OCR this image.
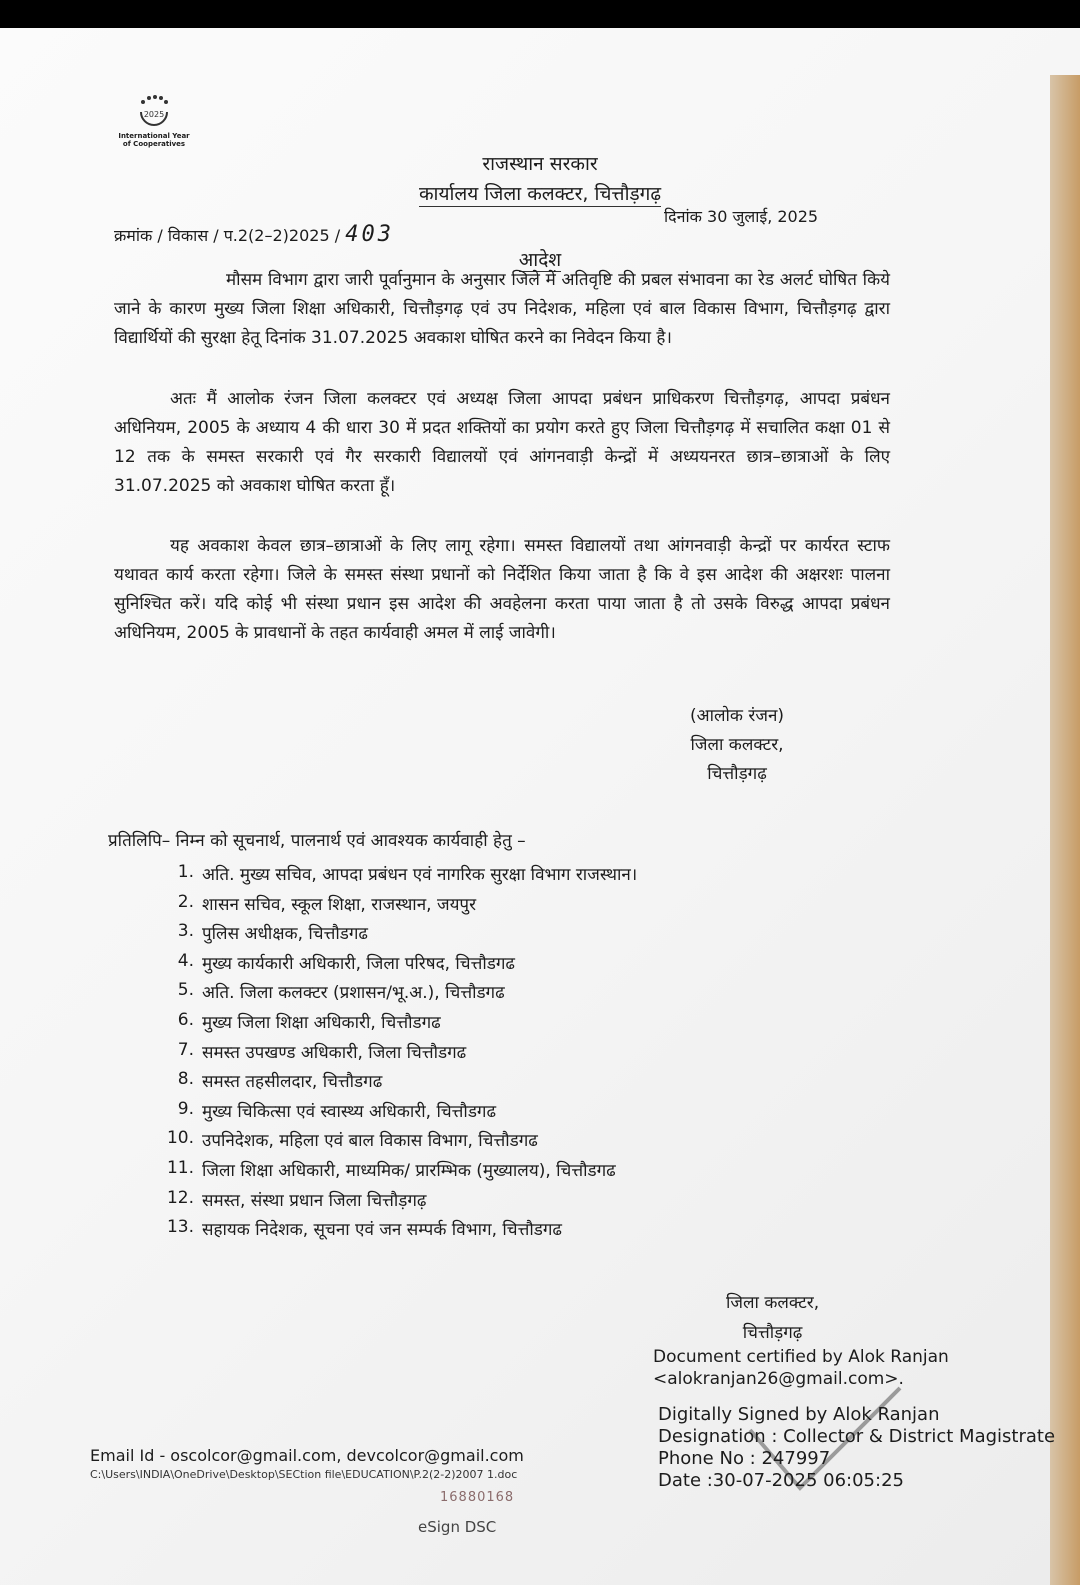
2025
International Year
of Cooperatives
राजस्थान सरकार
कार्यालय जिला कलक्टर, चित्तौड़गढ़
क्रमांक / विकास / प.2(2–2)2025 / 403
दिनांक 30 जुलाई, 2025
आदेश
मौसम विभाग द्वारा जारी पूर्वानुमान के अनुसार जिले में अतिवृष्टि की प्रबल संभावना का रेड अलर्ट घोषित किये जाने के कारण मुख्य जिला शिक्षा अधिकारी, चित्तौड़गढ़ एवं उप निदेशक, महिला एवं बाल विकास विभाग, चित्तौड़गढ़ द्वारा विद्यार्थियों की सुरक्षा हेतू दिनांक 31.07.2025 अवकाश घोषित करने का निवेदन किया है।
अतः मैं आलोक रंजन जिला कलक्टर एवं अध्यक्ष जिला आपदा प्रबंधन प्राधिकरण चित्तौड़गढ़, आपदा प्रबंधन अधिनियम, 2005 के अध्याय 4 की धारा 30 में प्रदत शक्तियों का प्रयोग करते हुए जिला चित्तौड़गढ़ में सचालित कक्षा 01 से 12 तक के समस्त सरकारी एवं गैर सरकारी विद्यालयों एवं आंगनवाड़ी केन्द्रों में अध्ययनरत छात्र–छात्राओं के लिए 31.07.2025 को अवकाश घोषित करता हूँ।
यह अवकाश केवल छात्र–छात्राओं के लिए लागू रहेगा। समस्त विद्यालयों तथा आंगनवाड़ी केन्द्रों पर कार्यरत स्टाफ यथावत कार्य करता रहेगा। जिले के समस्त संस्था प्रधानों को निर्देशित किया जाता है कि वे इस आदेश की अक्षरशः पालना सुनिश्चित करें। यदि कोई भी संस्था प्रधान इस आदेश की अवहेलना करता पाया जाता है तो उसके विरुद्ध आपदा प्रबंधन अधिनियम, 2005 के प्रावधानों के तहत कार्यवाही अमल में लाई जावेगी।
(आलोक रंजन)
जिला कलक्टर,
चित्तौड़गढ़
प्रतिलिपि– निम्न को सूचनार्थ, पालनार्थ एवं आवश्यक कार्यवाही हेतु –
1. अति. मुख्य सचिव, आपदा प्रबंधन एवं नागरिक सुरक्षा विभाग राजस्थान।
2. शासन सचिव, स्कूल शिक्षा, राजस्थान, जयपुर
3. पुलिस अधीक्षक, चित्तौडगढ
4. मुख्य कार्यकारी अधिकारी, जिला परिषद, चित्तौडगढ
5. अति. जिला कलक्टर (प्रशासन/भू.अ.), चित्तौडगढ
6. मुख्य जिला शिक्षा अधिकारी, चित्तौडगढ
7. समस्त उपखण्ड अधिकारी, जिला चित्तौडगढ
8. समस्त तहसीलदार, चित्तौडगढ
9. मुख्य चिकित्सा एवं स्वास्थ्य अधिकारी, चित्तौडगढ
10. उपनिदेशक, महिला एवं बाल विकास विभाग, चित्तौडगढ
11. जिला शिक्षा अधिकारी, माध्यमिक/ प्रारम्भिक (मुख्यालय), चित्तौडगढ
12. समस्त, संस्था प्रधान जिला चित्तौड़गढ़
13. सहायक निदेशक, सूचना एवं जन सम्पर्क विभाग, चित्तौडगढ
जिला कलक्टर,
चित्तौड़गढ़
Document certified by Alok Ranjan
<alokranjan26@gmail.com>.
Digitally Signed by Alok Ranjan
Designation : Collector & District Magistrate
Phone No : 247997
Date :30-07-2025 06:05:25
Email Id - oscolcor@gmail.com, devcolcor@gmail.com
C:\Users\INDIA\OneDrive\Desktop\SECtion file\EDUCATION\P.2(2-2)2007 1.doc
16880168
eSign DSC
